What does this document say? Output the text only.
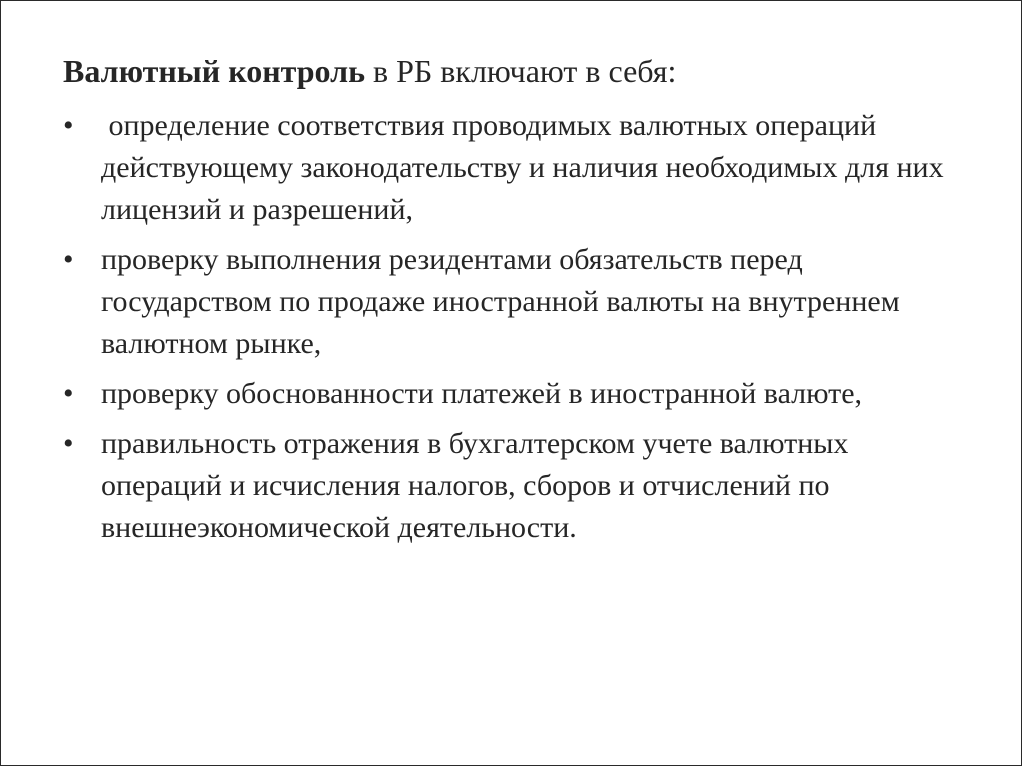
Валютный контроль в РБ включают в себя:
• определение соответствия проводимых валютных операций действующему законодательству и наличия необходимых для них лицензий и разрешений,
• проверку выполнения резидентами обязательств перед государством по продаже иностранной валюты на внутреннем валютном рынке,
• проверку обоснованности платежей в иностранной валюте,
• правильность отражения в бухгалтерском учете валютных операций и исчисления налогов, сборов и отчислений по внешнеэкономической деятельности.
